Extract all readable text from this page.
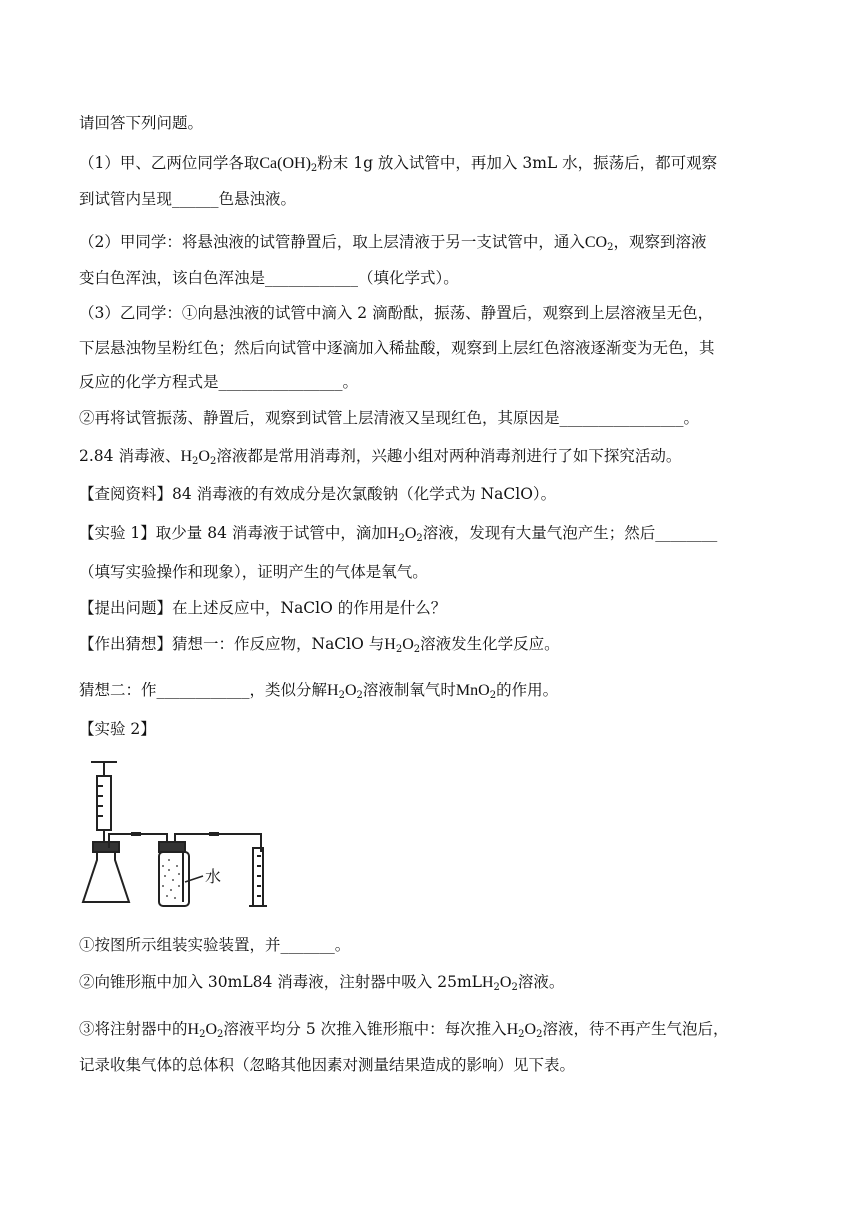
请回答下列问题。
（1）甲、乙两位同学各取$Ca(OH)_2$粉末 1g 放入试管中，再加入 3mL 水，振荡后，都可观察
到试管内呈现______色悬浊液。
（2）甲同学：将悬浊液的试管静置后，取上层清液于另一支试管中，通入$CO_2$，观察到溶液
变白色浑浊，该白色浑浊是____________（填化学式）。
（3）乙同学：①向悬浊液的试管中滴入 2 滴酚酞，振荡、静置后，观察到上层溶液呈无色，
下层悬浊物呈粉红色；然后向试管中逐滴加入稀盐酸，观察到上层红色溶液逐渐变为无色，其
反应的化学方程式是________________。
②再将试管振荡、静置后，观察到试管上层清液又呈现红色，其原因是________________。
2.84 消毒液、$H_2O_2$溶液都是常用消毒剂，兴趣小组对两种消毒剂进行了如下探究活动。
【查阅资料】84 消毒液的有效成分是次氯酸钠（化学式为 NaClO）。
【实验 1】取少量 84 消毒液于试管中，滴加$H_2O_2$溶液，发现有大量气泡产生；然后________
（填写实验操作和现象），证明产生的气体是氧气。
【提出问题】在上述反应中，NaClO 的作用是什么？
【作出猜想】猜想一：作反应物，NaClO 与$H_2O_2$溶液发生化学反应。
猜想二：作____________，类似分解$H_2O_2$溶液制氧气时MnO$_2$的作用。
【实验 2】
①按图所示组装实验装置，并_______。
②向锥形瓶中加入 30mL84 消毒液，注射器中吸入 $25mLH_2O_2$溶液。
③将注射器中的$H_2O_2$溶液平均分 5 次推入锥形瓶中：每次推入$H_2O_2$溶液，待不再产生气泡后，
记录收集气体的总体积（忽略其他因素对测量结果造成的影响）见下表。
水
